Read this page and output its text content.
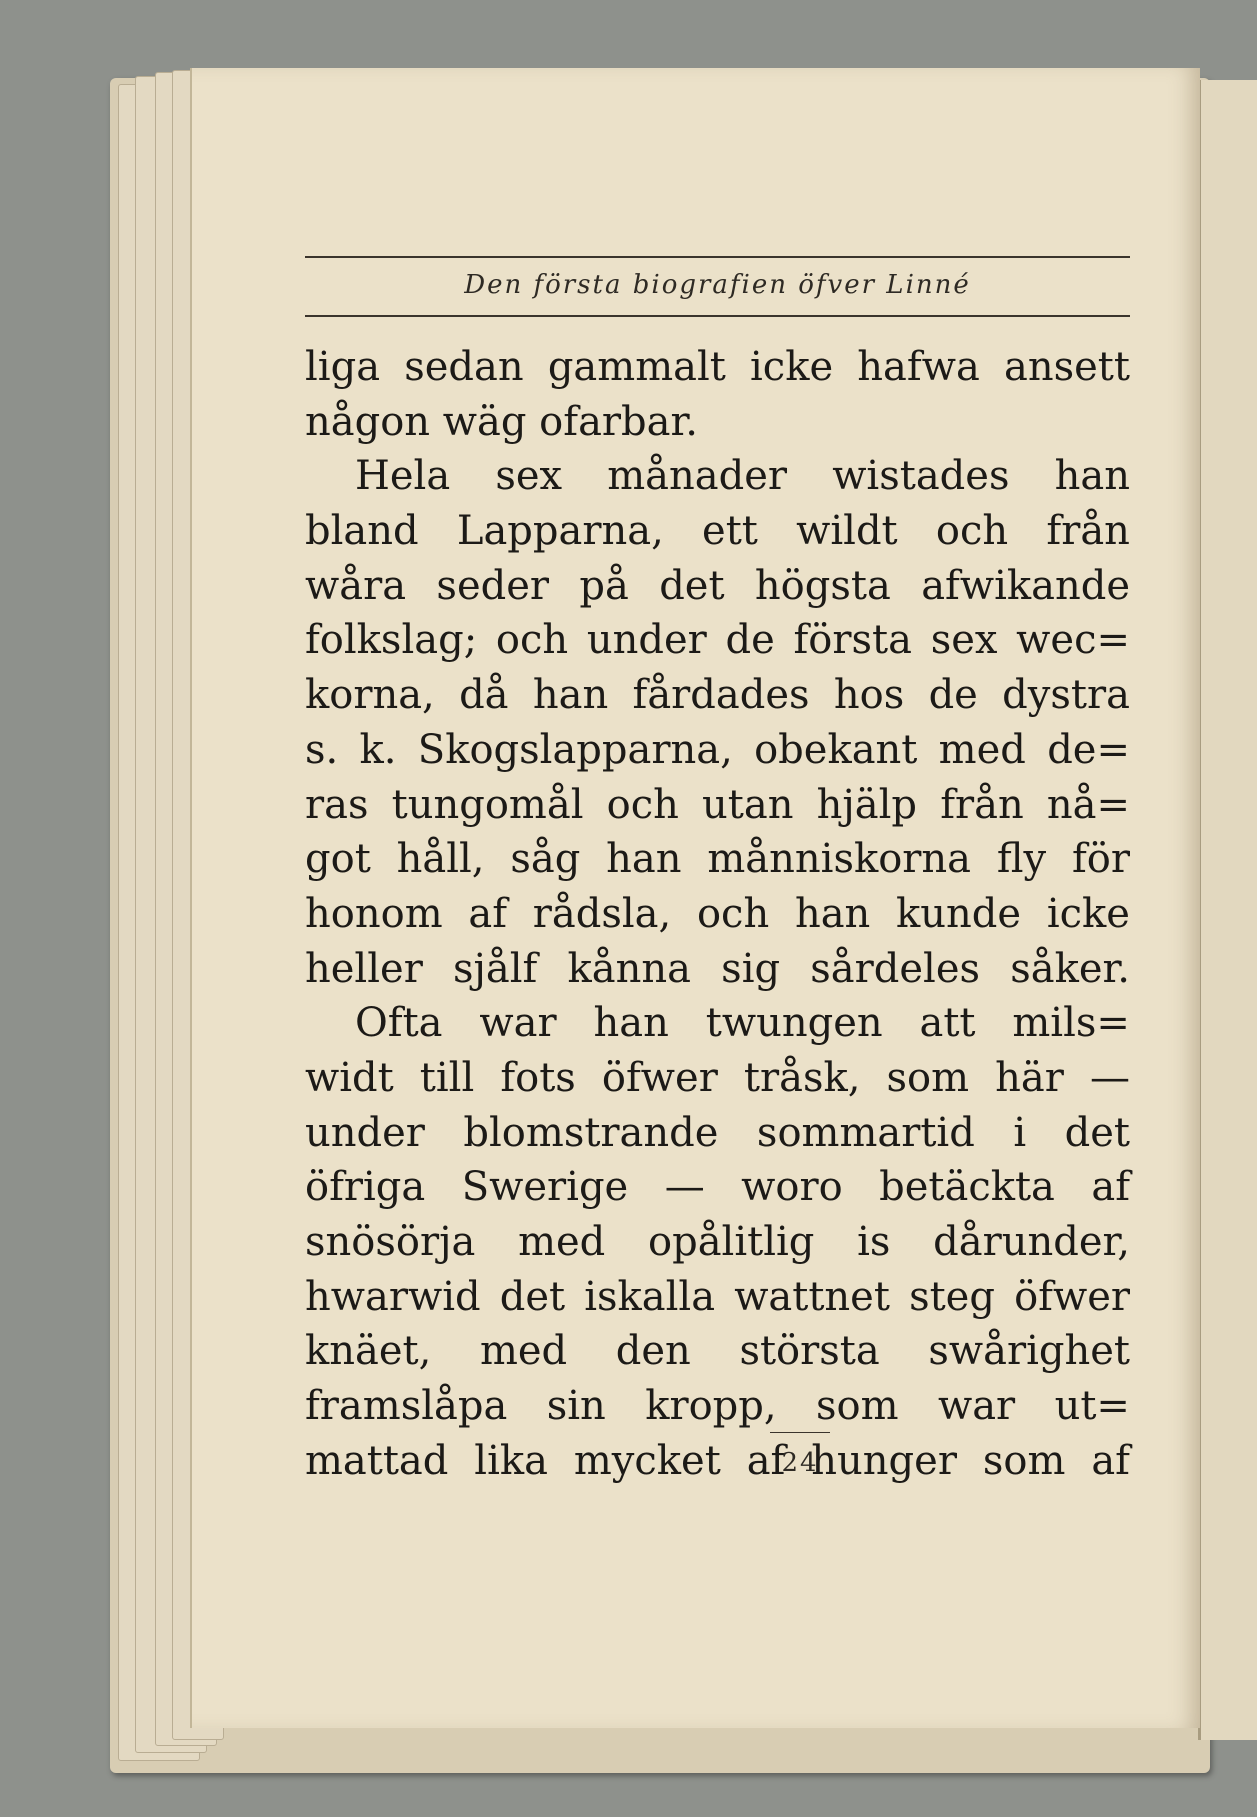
Den första biografien öfver Linné
liga sedan gammalt icke hafwa ansett
någon wäg ofarbar.
Hela sex månader wistades han
bland Lapparna, ett wildt och från
wåra seder på det högsta afwikande
folkslag; och under de första sex wec=
korna, då han fårdades hos de dystra
s. k. Skogslapparna, obekant med de=
ras tungomål och utan hjälp från nå=
got håll, såg han månniskorna fly för
honom af rådsla, och han kunde icke
heller sjålf kånna sig sårdeles såker.
Ofta war han twungen att mils=
widt till fots öfwer tråsk, som här —
under blomstrande sommartid i det
öfriga Swerige — woro betäckta af
snösörja med opålitlig is dårunder,
hwarwid det iskalla wattnet steg öfwer
knäet, med den största swårighet
framslåpa sin kropp, som war ut=
mattad lika mycket af hunger som af
24
